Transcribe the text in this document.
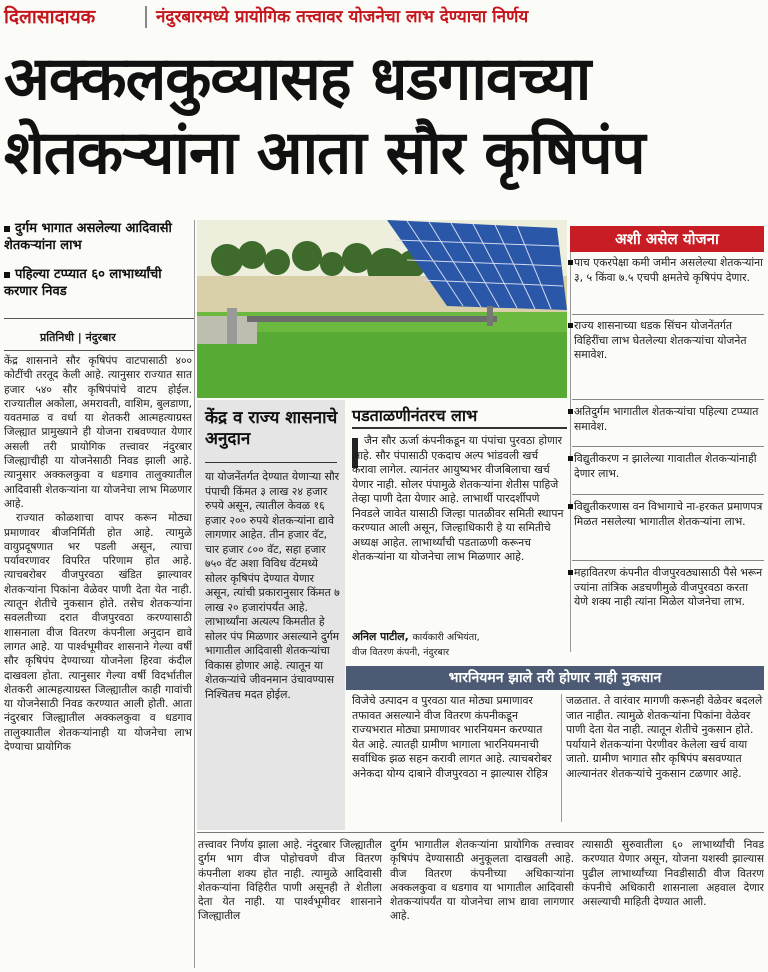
दिलासादायक	नंदुरबारमध्ये प्रायोगिक तत्त्वावर योजनेचा लाभ देण्याचा निर्णय
अक्कलकुव्यासह धडगावच्या
शेतकऱ्यांना आता सौर कृषिपंप
दुर्गम भागात असलेल्या आदिवासी शेतकऱ्यांना लाभ
पहिल्या टप्प्यात ६० लाभार्थ्यांची करणार निवड
प्रतिनिधी | नंदुरबार

केंद्र शासनाने सौर कृषिपंप वाटपासाठी ४०० कोटींची तरतूद केली आहे. त्यानुसार राज्यात सात हजार ५४० सौर कृषिपंपांचे वाटप होईल. राज्यातील अकोला, अमरावती, वाशिम, बुलडाणा, यवतमाळ व वर्धा या शेतकरी आत्महत्याग्रस्त जिल्ह्यात प्रामुख्याने ही योजना राबवण्यात येणार असली तरी प्रायोगिक तत्त्वावर नंदुरबार जिल्ह्याचीही या योजनेसाठी निवड झाली आहे. त्यानुसार अक्कलकुवा व धडगाव तालुक्यातील आदिवासी शेतकऱ्यांना या योजनेचा लाभ मिळणार आहे.

राज्यात कोळशाचा वापर करून मोठ्या प्रमाणावर बीजनिर्मिती होत आहे. त्यामुळे वायुप्रदूषणात भर पडली असून, त्याचा पर्यावरणावर विपरित परिणाम होत आहे. त्याचबरोबर वीजपुरवठा खंडित झाल्यावर शेतकऱ्यांना पिकांना वेळेवर पाणी देता येत नाही. त्यातून शेतीचे नुकसान होते. तसेच शेतकऱ्यांना सवलतीच्या दरात वीजपुरवठा करण्यासाठी शासनाला वीज वितरण कंपनीला अनुदान द्यावे लागत आहे. या पार्श्वभूमीवर शासनाने गेल्या वर्षी सौर कृषिपंप देण्याच्या योजनेला हिरवा कंदील दाखवला होता. त्यानुसार गेल्या वर्षी विदर्भातील शेतकरी आत्महत्याग्रस्त जिल्ह्यातील काही गावांची या योजनेसाठी निवड करण्यात आली होती. आता नंदुरबार जिल्ह्यातील अक्कलकुवा व धडगाव तालुक्यातील शेतकऱ्यांनाही या योजनेचा लाभ देण्याचा प्रायोगिक

अशी असेल योजना
पाच एकरपेक्षा कमी जमीन असलेल्या शेतकऱ्यांना ३, ५ किंवा ७.५ एचपी क्षमतेचे कृषिपंप देणार.
राज्य शासनाच्या धडक सिंचन योजनेंतर्गत विहिरींचा लाभ घेतलेल्या शेतकऱ्यांचा योजनेत समावेश.
अतिदुर्गम भागातील शेतकऱ्यांचा पहिल्या टप्प्यात समावेश.
विद्युतीकरण न झालेल्या गावातील शेतकऱ्यांनाही देणार लाभ.
विद्युतीकरणास वन विभागाचे ना-हरकत प्रमाणपत्र मिळत नसलेल्या भागातील शेतकऱ्यांना लाभ.
महावितरण कंपनीत वीजपुरवठ्यासाठी पैसे भरून ज्यांना तांत्रिक अडचणीमुळे वीजपुरवठा करता येणे शक्य नाही त्यांना मिळेल योजनेचा लाभ.
केंद्र व राज्य शासनाचे अनुदान
या योजनेंतर्गत देण्यात येणाऱ्या सौर पंपाची किंमत ३ लाख २४ हजार रुपये असून, त्यातील केवळ १६ हजार २०० रुपये शेतकऱ्यांना द्यावे लागणार आहेत. तीन हजार वॅट, चार हजार ८०० वॅट, सहा हजार ७५० वॅट अशा विविध वॅटमध्ये सोलर कृषिपंप देण्यात येणार असून, त्यांची प्रकारानुसार किंमत ७ लाख २० हजारांपर्यंत आहे. लाभार्थ्यांना अत्यल्प किमतीत हे सोलर पंप मिळणार असल्याने दुर्गम भागातील आदिवासी शेतकऱ्यांचा विकास होणार आहे. त्यातून या शेतकऱ्यांचे जीवनमान उंचावण्यास निश्चितच मदत होईल.
पडताळणीनंतरच लाभ
जैन सौर ऊर्जा कंपनीकडून या पंपांचा पुरवठा होणार आहे. सौर पंपासाठी एकदाच अल्प भांडवली खर्च करावा लागेल. त्यानंतर आयुष्यभर वीजबिलाचा खर्च येणार नाही. सोलर पंपामुळे शेतकऱ्यांना शेतीस पाहिजे तेव्हा पाणी देता येणार आहे. लाभार्थी पारदर्शीपणे निवडले जावेत यासाठी जिल्हा पातळीवर समिती स्थापन करण्यात आली असून, जिल्हाधिकारी हे या समितीचे अध्यक्ष आहेत. लाभार्थ्यांची पडताळणी करूनच शेतकऱ्यांना या योजनेचा लाभ मिळणार आहे.
अनिल पाटील, कार्यकारी अभियंता,
वीज वितरण कंपनी, नंदुरबार
भारनियमन झाले तरी होणार नाही नुकसान
विजेचे उत्पादन व पुरवठा यात मोठ्या प्रमाणावर तफावत असल्याने वीज वितरण कंपनीकडून राज्यभरात मोठ्या प्रमाणावर भारनियमन करण्यात येत आहे. त्यातही ग्रामीण भागाला भारनियमनाची सर्वाधिक झळ सहन करावी लागत आहे. त्याचबरोबर अनेकदा योग्य दाबाने वीजपुरवठा न झाल्यास रोहित्र
जळतात. ते वारंवार मागणी करूनही वेळेवर बदलले जात नाहीत. त्यामुळे शेतकऱ्यांना पिकांना वेळेवर पाणी देता येत नाही. त्यातून शेतीचे नुकसान होते. पर्यायाने शेतकऱ्यांना पेरणीवर केलेला खर्च वाया जातो. ग्रामीण भागात सौर कृषिपंप बसवण्यात आल्यानंतर शेतकऱ्यांचे नुकसान टळणार आहे.
तत्त्वावर निर्णय झाला आहे. नंदुरबार जिल्ह्यातील दुर्गम भाग वीज पोहोचवणे वीज वितरण कंपनीला शक्य होत नाही. त्यामुळे आदिवासी शेतकऱ्यांना विहिरीत पाणी असूनही ते शेतीला देता येत नाही. या पार्श्वभूमीवर शासनाने जिल्ह्यातील
दुर्गम भागातील शेतकऱ्यांना प्रायोगिक तत्त्वावर कृषिपंप देण्यासाठी अनुकूलता दाखवली आहे. वीज वितरण कंपनीच्या अधिकाऱ्यांना अक्कलकुवा व धडगाव या भागातील आदिवासी शेतकऱ्यांपर्यंत या योजनेचा लाभ द्यावा लागणार आहे.
त्यासाठी सुरुवातीला ६० लाभार्थ्यांची निवड करण्यात येणार असून, योजना यशस्वी झाल्यास पुढील लाभार्थ्यांच्या निवडीसाठी वीज वितरण कंपनीचे अधिकारी शासनाला अहवाल देणार असल्याची माहिती देण्यात आली.
